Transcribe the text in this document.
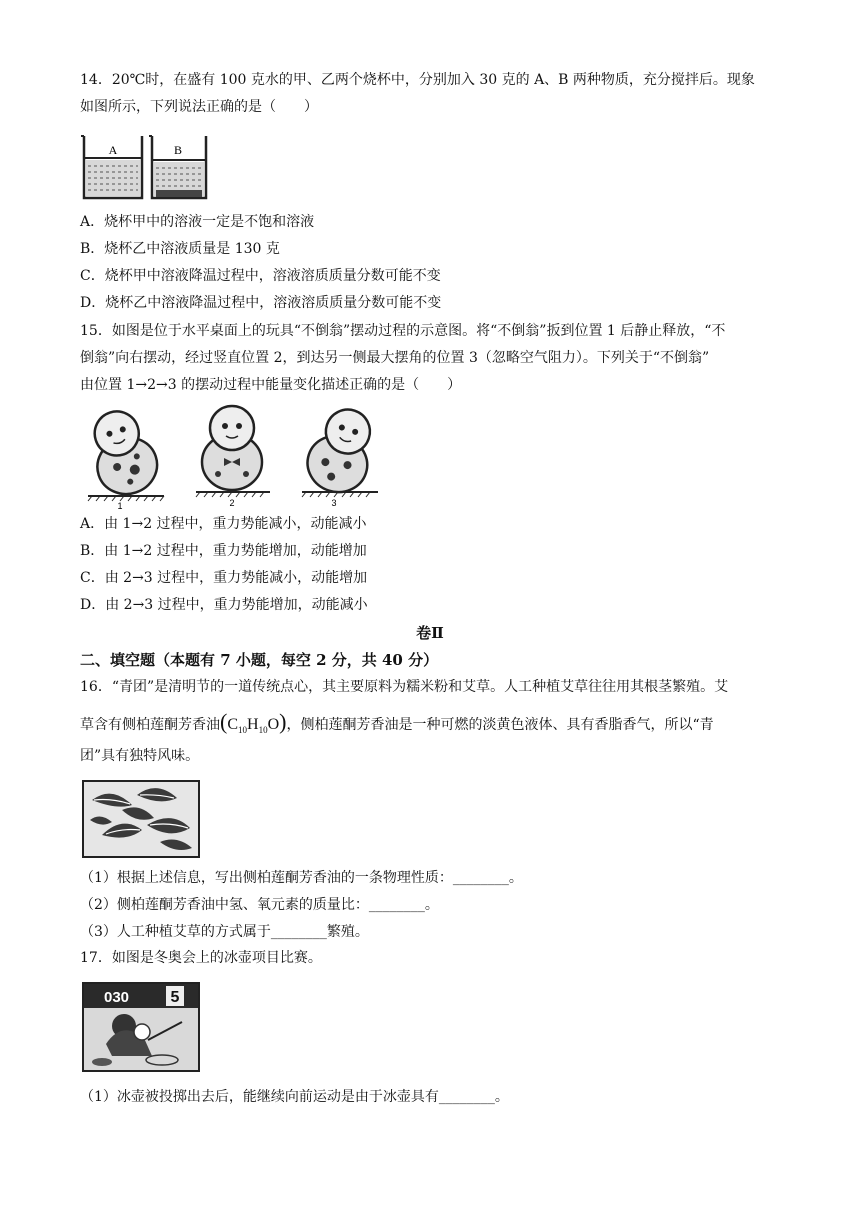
14．20℃时，在盛有 100 克水的甲、乙两个烧杯中，分别加入 30 克的 A、B 两种物质，充分搅拌后。现象
如图所示，下列说法正确的是（　　）
A	B
A．烧杯甲中的溶液一定是不饱和溶液
B．烧杯乙中溶液质量是 130 克
C．烧杯甲中溶液降温过程中，溶液溶质质量分数可能不变
D．烧杯乙中溶液降温过程中，溶液溶质质量分数可能不变
15．如图是位于水平桌面上的玩具“不倒翁”摆动过程的示意图。将“不倒翁”扳到位置 1 后静止释放，“不
倒翁”向右摆动，经过竖直位置 2，到达另一侧最大摆角的位置 3（忽略空气阻力）。下列关于“不倒翁”
由位置 1→2→3 的摆动过程中能量变化描述正确的是（　　）
1	2	3
A．由 1→2 过程中，重力势能减小，动能减小
B．由 1→2 过程中，重力势能增加，动能增加
C．由 2→3 过程中，重力势能减小，动能增加
D．由 2→3 过程中，重力势能增加，动能减小
卷Ⅱ
二、填空题（本题有 7 小题，每空 2 分，共 40 分）
16．“青团”是清明节的一道传统点心，其主要原料为糯米粉和艾草。人工种植艾草往往用其根茎繁殖。艾
草含有侧柏莲酮芳香油$(C_{10}H_{10}O)$，侧柏莲酮芳香油是一种可燃的淡黄色液体、具有香脂香气，所以“青
团”具有独特风味。
（1）根据上述信息，写出侧柏莲酮芳香油的一条物理性质：________。
（2）侧柏莲酮芳香油中氢、氧元素的质量比：________。
（3）人工种植艾草的方式属于________繁殖。
17．如图是冬奥会上的冰壶项目比赛。
030	5
（1）冰壶被投掷出去后，能继续向前运动是由于冰壶具有________。
